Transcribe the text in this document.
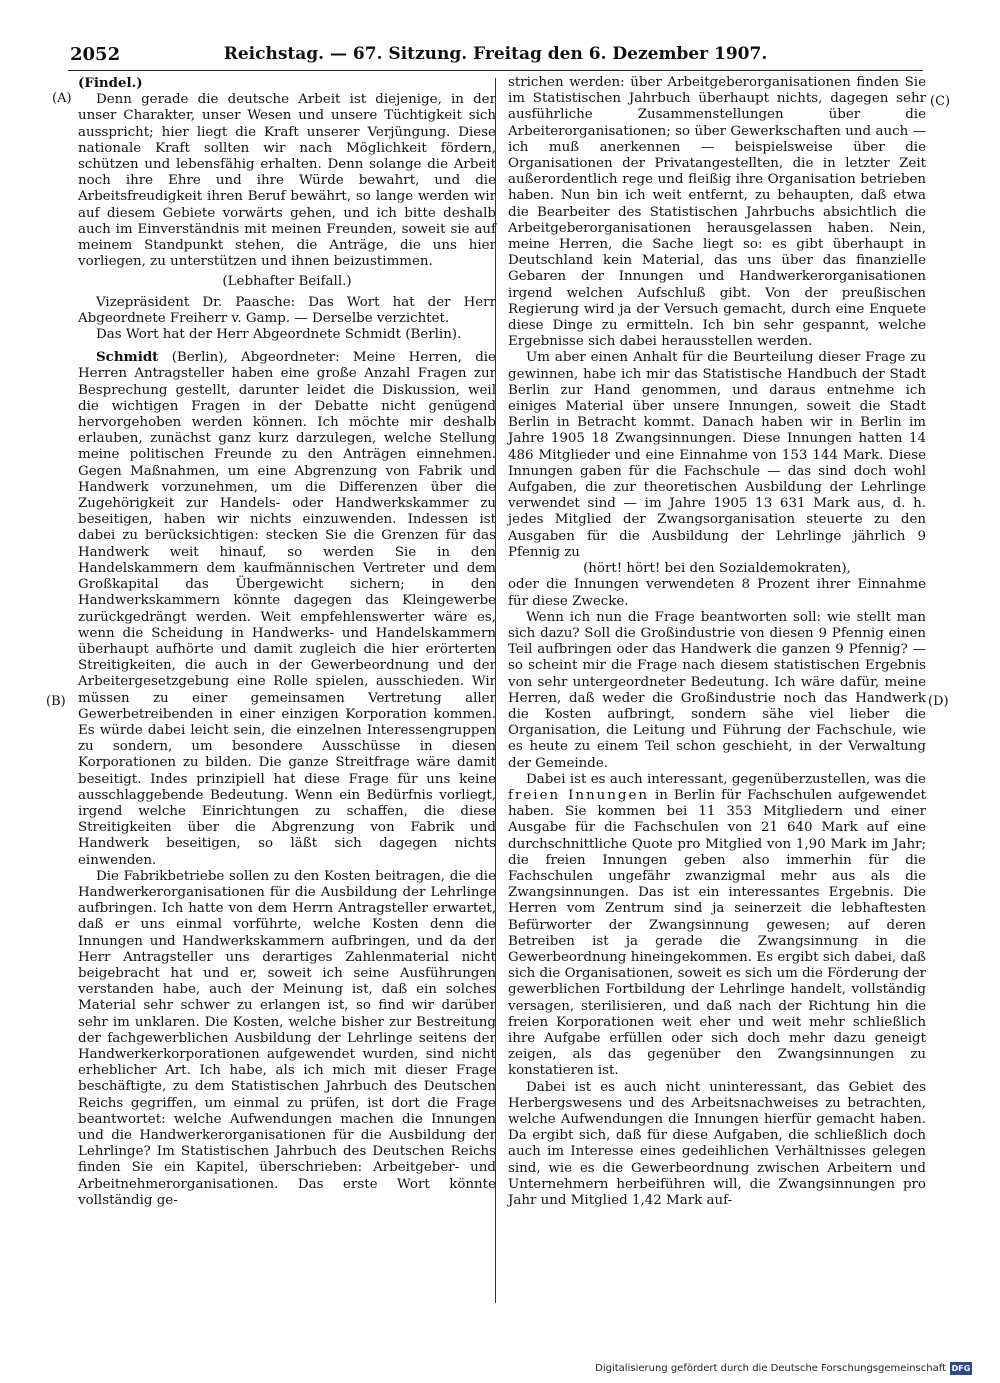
2052	Reichstag. — 67. Sitzung. Freitag den 6. Dezember 1907.
(A)
(B)
(C)
(D)

(Findel.)

Denn gerade die deutsche Arbeit ist diejenige, in der unser Charakter, unser Wesen und unsere Tüchtigkeit sich ausspricht; hier liegt die Kraft unserer Verjüngung. Diese nationale Kraft sollten wir nach Möglichkeit fördern, schützen und lebensfähig erhalten. Denn solange die Arbeit noch ihre Ehre und ihre Würde bewahrt, und die Arbeitsfreudigkeit ihren Beruf bewährt, so lange werden wir auf diesem Gebiete vorwärts gehen, und ich bitte deshalb auch im Einverständnis mit meinen Freunden, soweit sie auf meinem Standpunkt stehen, die Anträge, die uns hier vorliegen, zu unterstützen und ihnen beizustimmen.

(Lebhafter Beifall.)

Vizepräsident Dr. Paasche: Das Wort hat der Herr Abgeordnete Freiherr v. Gamp. — Derselbe verzichtet.

Das Wort hat der Herr Abgeordnete Schmidt (Berlin).

Schmidt (Berlin), Abgeordneter: Meine Herren, die Herren Antragsteller haben eine große Anzahl Fragen zur Besprechung gestellt, darunter leidet die Diskussion, weil die wichtigen Fragen in der Debatte nicht genügend hervorgehoben werden können. Ich möchte mir deshalb erlauben, zunächst ganz kurz darzulegen, welche Stellung meine politischen Freunde zu den Anträgen einnehmen. Gegen Maßnahmen, um eine Abgrenzung von Fabrik und Handwerk vorzunehmen, um die Differenzen über die Zugehörigkeit zur Handels- oder Handwerkskammer zu beseitigen, haben wir nichts einzuwenden. Indessen ist dabei zu berücksichtigen: stecken Sie die Grenzen für das Handwerk weit hinauf, so werden Sie in den Handelskammern dem kaufmännischen Vertreter und dem Großkapital das Übergewicht sichern; in den Handwerkskammern könnte dagegen das Kleingewerbe zurückgedrängt werden. Weit empfehlenswerter wäre es, wenn die Scheidung in Handwerks- und Handelskammern überhaupt aufhörte und damit zugleich die hier erörterten Streitigkeiten, die auch in der Gewerbeordnung und der Arbeitergesetzgebung eine Rolle spielen, ausschieden. Wir müssen zu einer gemeinsamen Vertretung aller Gewerbetreibenden in einer einzigen Korporation kommen. Es würde dabei leicht sein, die einzelnen Interessengruppen zu sondern, um besondere Ausschüsse in diesen Korporationen zu bilden. Die ganze Streitfrage wäre damit beseitigt. Indes prinzipiell hat diese Frage für uns keine ausschlaggebende Bedeutung. Wenn ein Bedürfnis vorliegt, irgend welche Einrichtungen zu schaffen, die diese Streitigkeiten über die Abgrenzung von Fabrik und Handwerk beseitigen, so läßt sich dagegen nichts einwenden.

Die Fabrikbetriebe sollen zu den Kosten beitragen, die die Handwerkerorganisationen für die Ausbildung der Lehrlinge aufbringen. Ich hatte von dem Herrn Antragsteller erwartet, daß er uns einmal vorführte, welche Kosten denn die Innungen und Handwerkskammern aufbringen, und da der Herr Antragsteller uns derartiges Zahlenmaterial nicht beigebracht hat und er, soweit ich seine Ausführungen verstanden habe, auch der Meinung ist, daß ein solches Material sehr schwer zu erlangen ist, so find wir darüber sehr im unklaren. Die Kosten, welche bisher zur Bestreitung der fachgewerblichen Ausbildung der Lehrlinge seitens der Handwerkerkorporationen aufgewendet wurden, sind nicht erheblicher Art. Ich habe, als ich mich mit dieser Frage beschäftigte, zu dem Statistischen Jahrbuch des Deutschen Reichs gegriffen, um einmal zu prüfen, ist dort die Frage beantwortet: welche Aufwendungen machen die Innungen und die Handwerkerorganisationen für die Ausbildung der Lehrlinge? Im Statistischen Jahrbuch des Deutschen Reichs finden Sie ein Kapitel, überschrieben: Arbeitgeber- und Arbeitnehmerorganisationen. Das erste Wort könnte vollständig ge-

strichen werden: über Arbeitgeberorganisationen finden Sie im Statistischen Jahrbuch überhaupt nichts, dagegen sehr ausführliche Zusammenstellungen über die Arbeiterorganisationen; so über Gewerkschaften und auch — ich muß anerkennen — beispielsweise über die Organisationen der Privatangestellten, die in letzter Zeit außerordentlich rege und fleißig ihre Organisation betrieben haben. Nun bin ich weit entfernt, zu behaupten, daß etwa die Bearbeiter des Statistischen Jahrbuchs absichtlich die Arbeitgeberorganisationen herausgelassen haben. Nein, meine Herren, die Sache liegt so: es gibt überhaupt in Deutschland kein Material, das uns über das finanzielle Gebaren der Innungen und Handwerkerorganisationen irgend welchen Aufschluß gibt. Von der preußischen Regierung wird ja der Versuch gemacht, durch eine Enquete diese Dinge zu ermitteln. Ich bin sehr gespannt, welche Ergebnisse sich dabei herausstellen werden.

Um aber einen Anhalt für die Beurteilung dieser Frage zu gewinnen, habe ich mir das Statistische Handbuch der Stadt Berlin zur Hand genommen, und daraus entnehme ich einiges Material über unsere Innungen, soweit die Stadt Berlin in Betracht kommt. Danach haben wir in Berlin im Jahre 1905 18 Zwangsinnungen. Diese Innungen hatten 14 486 Mitglieder und eine Einnahme von 153 144 Mark. Diese Innungen gaben für die Fachschule — das sind doch wohl Aufgaben, die zur theoretischen Ausbildung der Lehrlinge verwendet sind — im Jahre 1905 13 631 Mark aus, d. h. jedes Mitglied der Zwangsorganisation steuerte zu den Ausgaben für die Ausbildung der Lehrlinge jährlich 9 Pfennig zu

(hört! hört! bei den Sozialdemokraten),

oder die Innungen verwendeten 8 Prozent ihrer Einnahme für diese Zwecke.

Wenn ich nun die Frage beantworten soll: wie stellt man sich dazu? Soll die Großindustrie von diesen 9 Pfennig einen Teil aufbringen oder das Handwerk die ganzen 9 Pfennig? — so scheint mir die Frage nach diesem statistischen Ergebnis von sehr untergeordneter Bedeutung. Ich wäre dafür, meine Herren, daß weder die Großindustrie noch das Handwerk die Kosten aufbringt, sondern sähe viel lieber die Organisation, die Leitung und Führung der Fachschule, wie es heute zu einem Teil schon geschieht, in der Verwaltung der Gemeinde.

Dabei ist es auch interessant, gegenüberzustellen, was die freien Innungen in Berlin für Fachschulen aufgewendet haben. Sie kommen bei 11 353 Mitgliedern und einer Ausgabe für die Fachschulen von 21 640 Mark auf eine durchschnittliche Quote pro Mitglied von 1,90 Mark im Jahr; die freien Innungen geben also immerhin für die Fachschulen ungefähr zwanzigmal mehr aus als die Zwangsinnungen. Das ist ein interessantes Ergebnis. Die Herren vom Zentrum sind ja seinerzeit die lebhaftesten Befürworter der Zwangsinnung gewesen; auf deren Betreiben ist ja gerade die Zwangsinnung in die Gewerbeordnung hineingekommen. Es ergibt sich dabei, daß sich die Organisationen, soweit es sich um die Förderung der gewerblichen Fortbildung der Lehrlinge handelt, vollständig versagen, sterilisieren, und daß nach der Richtung hin die freien Korporationen weit eher und weit mehr schließlich ihre Aufgabe erfüllen oder sich doch mehr dazu geneigt zeigen, als das gegenüber den Zwangsinnungen zu konstatieren ist.

Dabei ist es auch nicht uninteressant, das Gebiet des Herbergswesens und des Arbeitsnachweises zu betrachten, welche Aufwendungen die Innungen hierfür gemacht haben. Da ergibt sich, daß für diese Aufgaben, die schließlich doch auch im Interesse eines gedeihlichen Verhältnisses gelegen sind, wie es die Gewerbeordnung zwischen Arbeitern und Unternehmern herbeiführen will, die Zwangsinnungen pro Jahr und Mitglied 1,42 Mark auf-

Digitalisierung gefördert durch die Deutsche Forschungsgemeinschaft DFG
